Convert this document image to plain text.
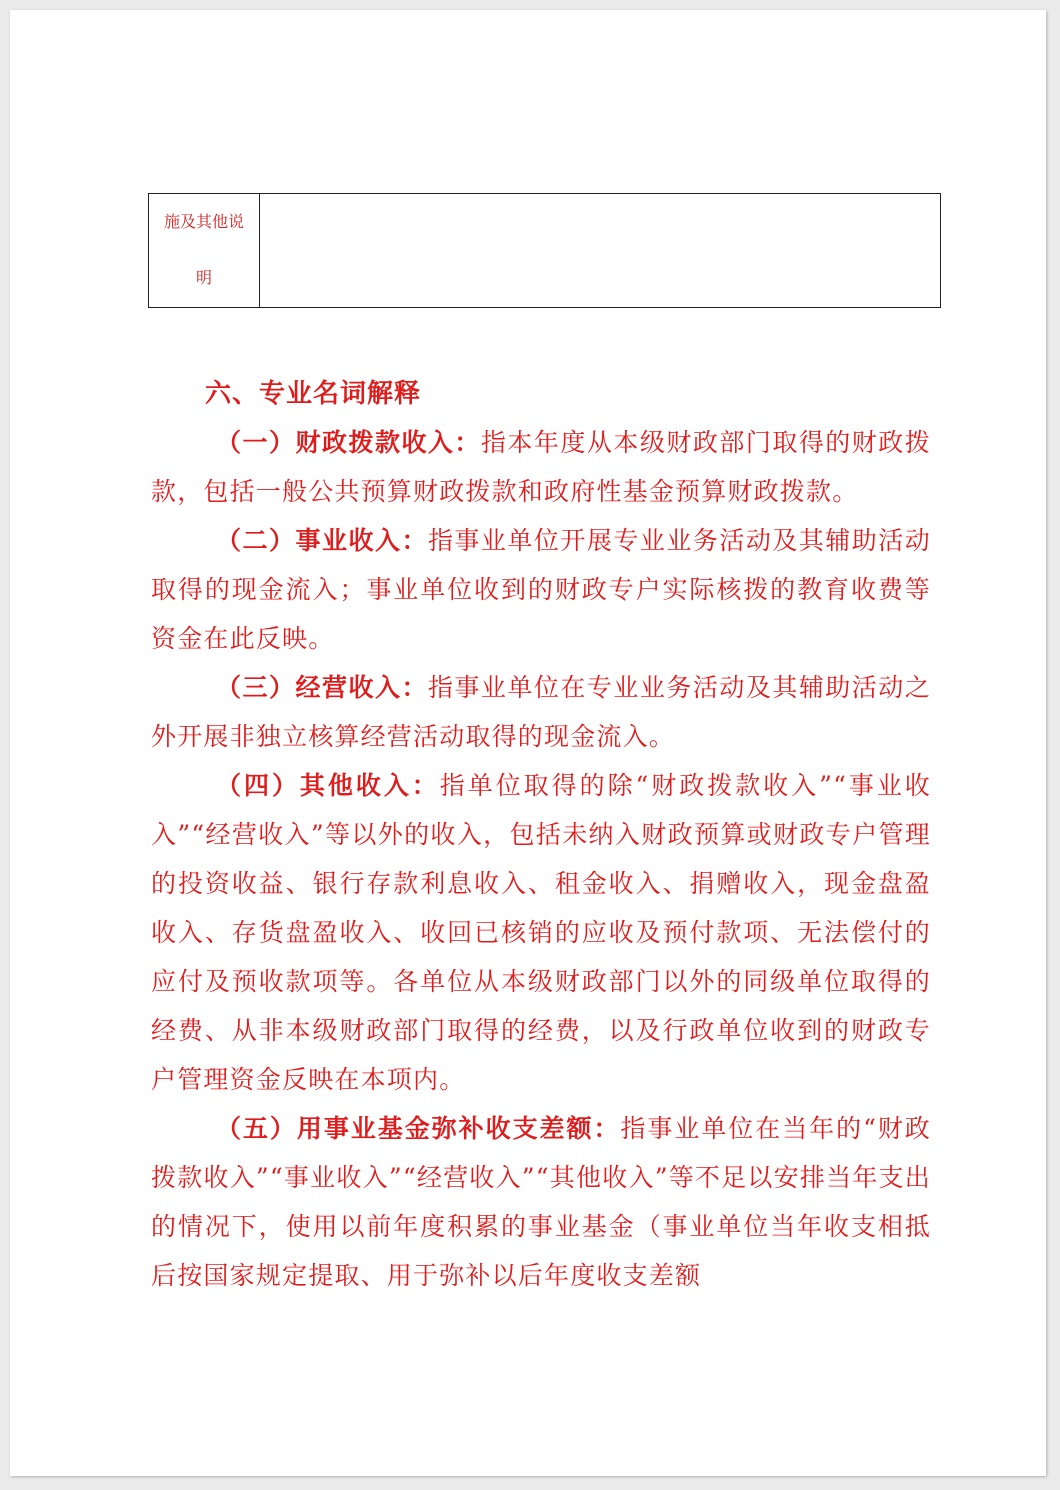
施及其他说
明

六、专业名词解释

（一）财政拨款收入：指本年度从本级财政部门取得的财政拨款，包括一般公共预算财政拨款和政府性基金预算财政拨款。

（二）事业收入：指事业单位开展专业业务活动及其辅助活动取得的现金流入；事业单位收到的财政专户实际核拨的教育收费等资金在此反映。

（三）经营收入：指事业单位在专业业务活动及其辅助活动之外开展非独立核算经营活动取得的现金流入。

（四）其他收入：指单位取得的除“财政拨款收入”“事业收入”“经营收入”等以外的收入，包括未纳入财政预算或财政专户管理的投资收益、银行存款利息收入、租金收入、捐赠收入，现金盘盈收入、存货盘盈收入、收回已核销的应收及预付款项、无法偿付的应付及预收款项等。各单位从本级财政部门以外的同级单位取得的经费、从非本级财政部门取得的经费，以及行政单位收到的财政专户管理资金反映在本项内。

（五）用事业基金弥补收支差额：指事业单位在当年的“财政拨款收入”“事业收入”“经营收入”“其他收入”等不足以安排当年支出的情况下，使用以前年度积累的事业基金（事业单位当年收支相抵后按国家规定提取、用于弥补以后年度收支差额
